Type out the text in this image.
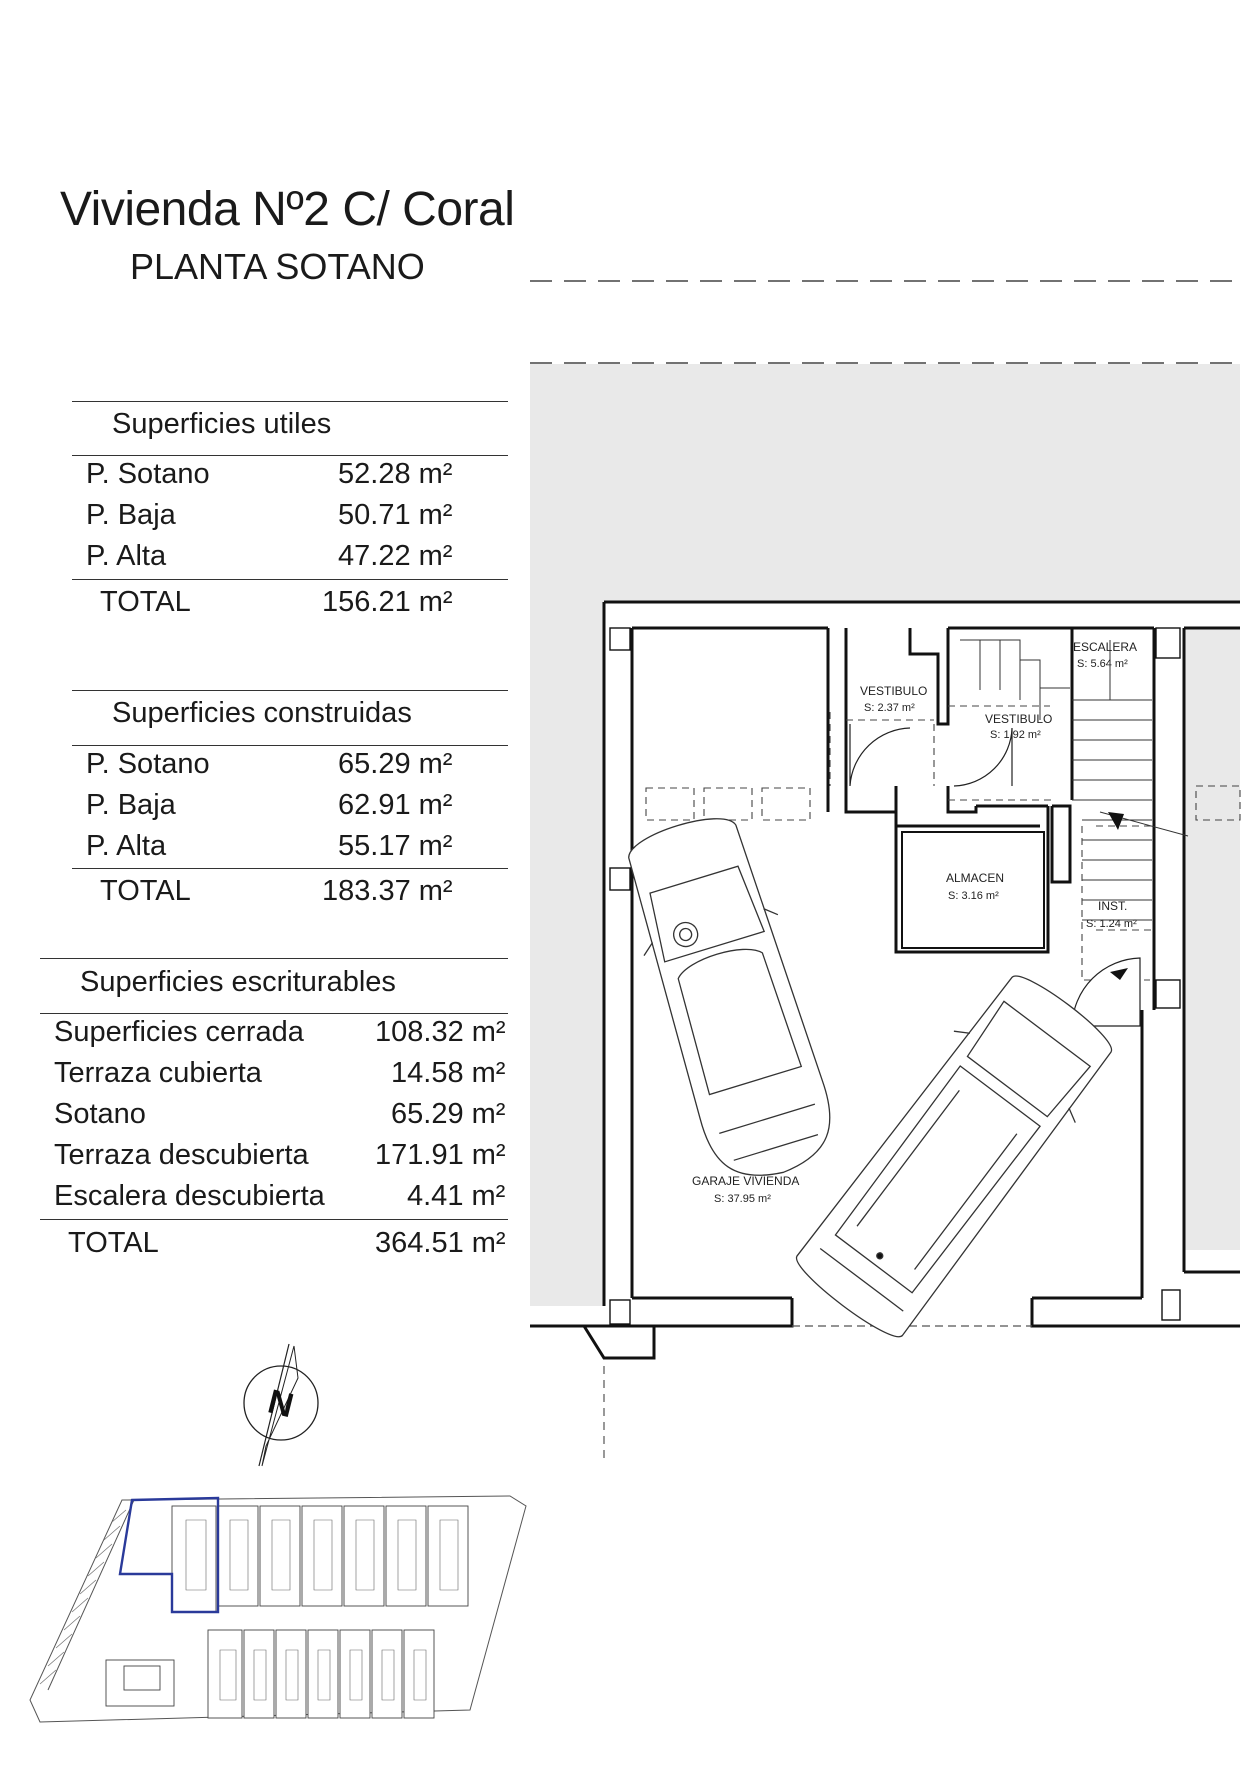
Vivienda Nº2 C/ Coral
PLANTA SOTANO
Superficies utiles
P. Sotano	52.28 m²
P. Baja	50.71 m²
P. Alta	47.22 m²
TOTAL	156.21 m²
Superficies construidas
P. Sotano	65.29 m²
P. Baja	62.91 m²
P. Alta	55.17 m²
TOTAL	183.37 m²
Superficies escriturables
Superficies cerrada 108.32 m²
Terraza cubierta	14.58 m²
Sotano	65.29 m²
Terraza descubierta 171.91 m²
Escalera descubierta	4.41 m²
TOTAL	364.51 m²
VESTIBULO
S: 2.37 m²
VESTIBULO
S: 1.92 m²
ESCALERA
S: 5.64 m²
ALMACEN
S: 3.16 m²
INST.
S: 1.24 m²
GARAJE VIVIENDA
S: 37.95 m²
N
